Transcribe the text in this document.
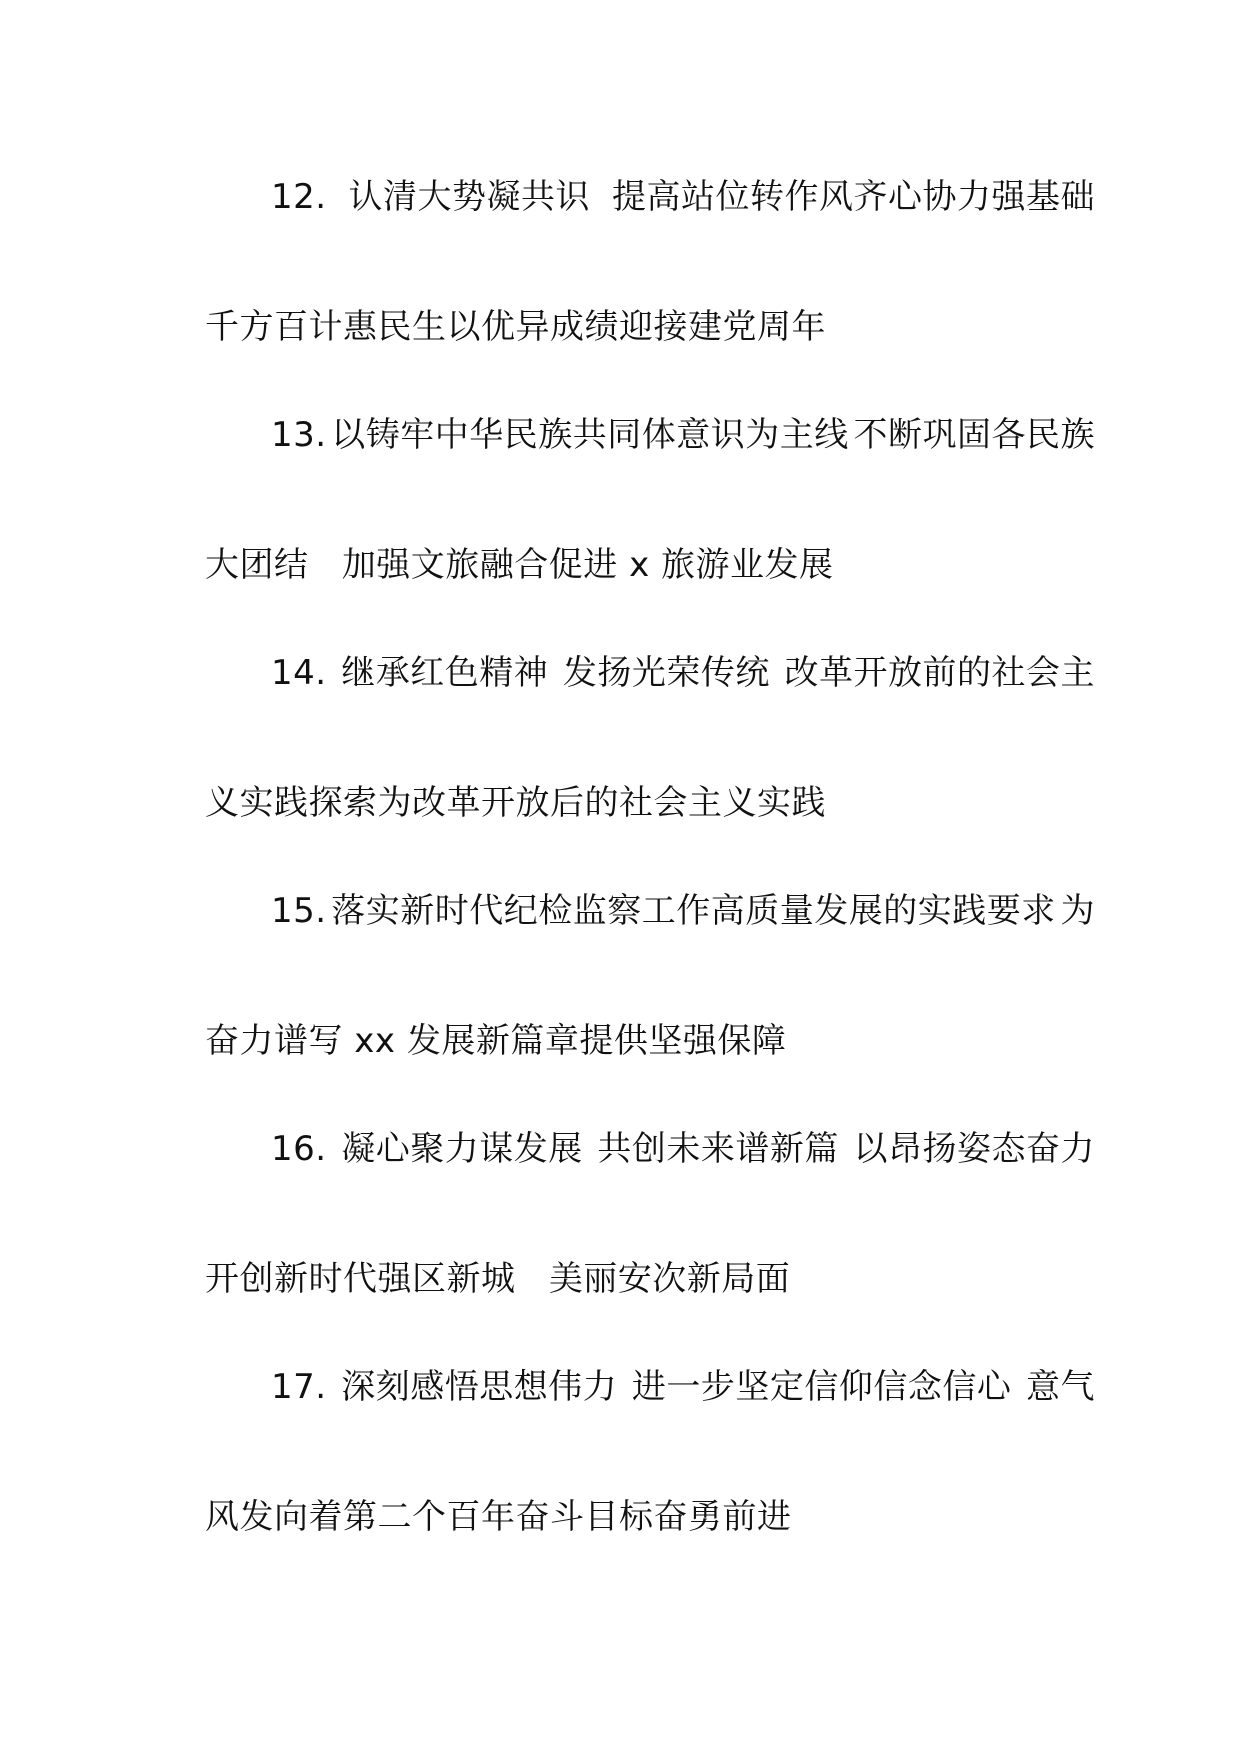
12. 认清大势凝共识 提高站位转作风齐心协力强基础
千方百计惠民生以优异成绩迎接建党周年
13. 以铸牢中华民族共同体意识为主线 不断巩固各民族
大团结 加强文旅融合促进 x 旅游业发展
14. 继承红色精神 发扬光荣传统 改革开放前的社会主
义实践探索为改革开放后的社会主义实践
15. 落实新时代纪检监察工作高质量发展的实践要求 为
奋力谱写 xx 发展新篇章提供坚强保障
16. 凝心聚力谋发展 共创未来谱新篇 以昂扬姿态奋力
开创新时代强区新城 美丽安次新局面
17. 深刻感悟思想伟力 进一步坚定信仰信念信心 意气
风发向着第二个百年奋斗目标奋勇前进
